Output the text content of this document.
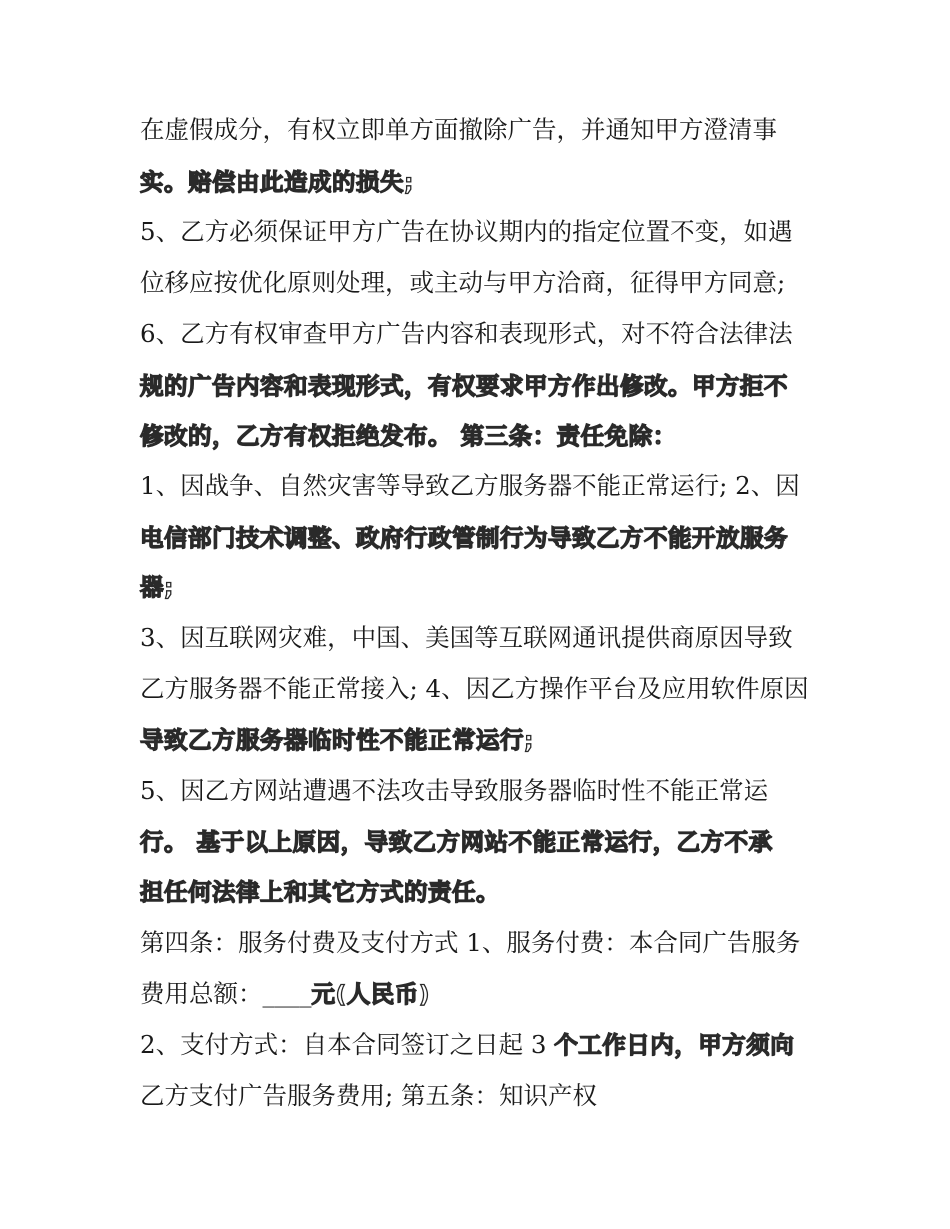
在虚假成分，有权立即单方面撤除广告，并通知甲方澄清事
实。赔偿由此造成的损失;
5、乙方必须保证甲方广告在协议期内的指定位置不变，如遇
位移应按优化原则处理，或主动与甲方洽商，征得甲方同意;
6、乙方有权审查甲方广告内容和表现形式，对不符合法律法
规的广告内容和表现形式，有权要求甲方作出修改。甲方拒不
修改的，乙方有权拒绝发布。 第三条：责任免除：
1、因战争、自然灾害等导致乙方服务器不能正常运行; 2、因
电信部门技术调整、政府行政管制行为导致乙方不能开放服务
器;
3、因互联网灾难，中国、美国等互联网通讯提供商原因导致
乙方服务器不能正常接入; 4、因乙方操作平台及应用软件原因
导致乙方服务器临时性不能正常运行;
5、因乙方网站遭遇不法攻击导致服务器临时性不能正常运
行。 基于以上原因，导致乙方网站不能正常运行，乙方不承
担任何法律上和其它方式的责任。
第四条：服务付费及支付方式 1、服务付费：本合同广告服务
费用总额：____元(人民币)
2、支付方式：自本合同签订之日起 3 个工作日内，甲方须向
乙方支付广告服务费用; 第五条：知识产权
